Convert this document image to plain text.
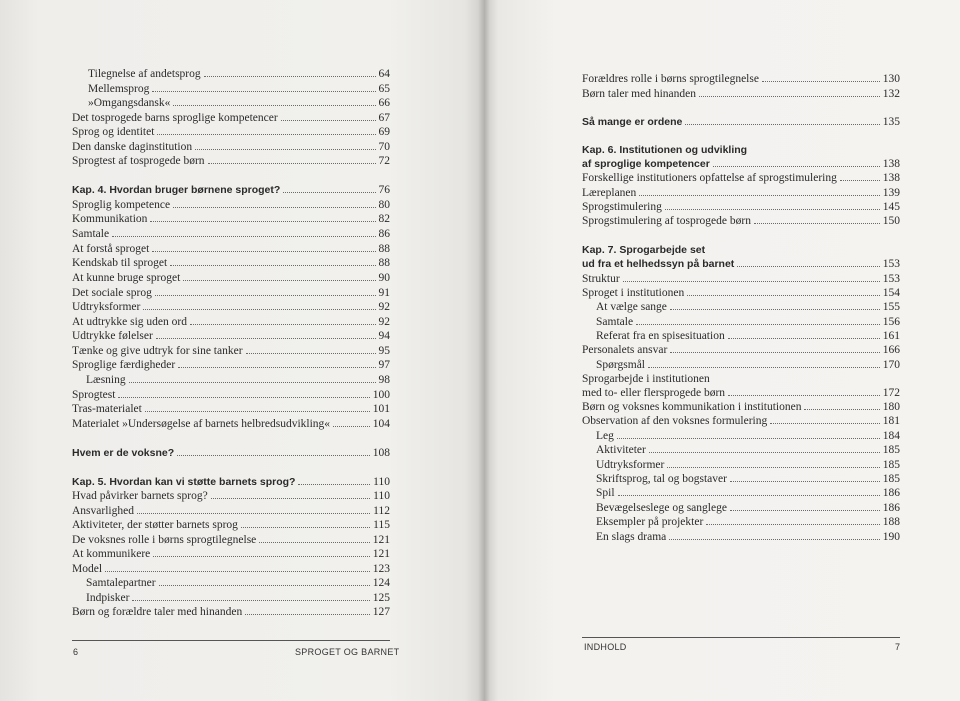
Tilegnelse af andetsprog	64
Mellemsprog	65
»Omgangsdansk«	66
Det tosprogede barns sproglige kompetencer	67
Sprog og identitet	69
Den danske daginstitution	70
Sprogtest af tosprogede børn	72
Kap. 4. Hvordan bruger børnene sproget?	76
Sproglig kompetence	80
Kommunikation	82
Samtale	86
At forstå sproget	88
Kendskab til sproget	88
At kunne bruge sproget	90
Det sociale sprog	91
Udtryksformer	92
At udtrykke sig uden ord	92
Udtrykke følelser	94
Tænke og give udtryk for sine tanker	95
Sproglige færdigheder	97
Læsning	98
Sprogtest	100
Tras-materialet	101
Materialet »Undersøgelse af barnets helbredsudvikling«	104
Hvem er de voksne?	108
Kap. 5. Hvordan kan vi støtte barnets sprog?	110
Hvad påvirker barnets sprog?	110
Ansvarlighed	112
Aktiviteter, der støtter barnets sprog	115
De voksnes rolle i børns sprogtilegnelse	121
At kommunikere	121
Model	123
Samtalepartner	124
Indpisker	125
Børn og forældre taler med hinanden	127
6	SPROGET OG BARNET
Forældres rolle i børns sprogtilegnelse	130
Børn taler med hinanden	132
Så mange er ordene	135
Kap. 6. Institutionen og udvikling
af sproglige kompetencer	138
Forskellige institutioners opfattelse af sprogstimulering	138
Læreplanen	139
Sprogstimulering	145
Sprogstimulering af tosprogede børn	150
Kap. 7. Sprogarbejde set
ud fra et helhedssyn på barnet	153
Struktur	153
Sproget i institutionen	154
At vælge sange	155
Samtale	156
Referat fra en spisesituation	161
Personalets ansvar	166
Spørgsmål	170
Sprogarbejde i institutionen
med to- eller flersprogede børn	172
Børn og voksnes kommunikation i institutionen	180
Observation af den voksnes formulering	181
Leg	184
Aktiviteter	185
Udtryksformer	185
Skriftsprog, tal og bogstaver	185
Spil	186
Bevægelseslege og sanglege	186
Eksempler på projekter	188
En slags drama	190
INDHOLD	7
